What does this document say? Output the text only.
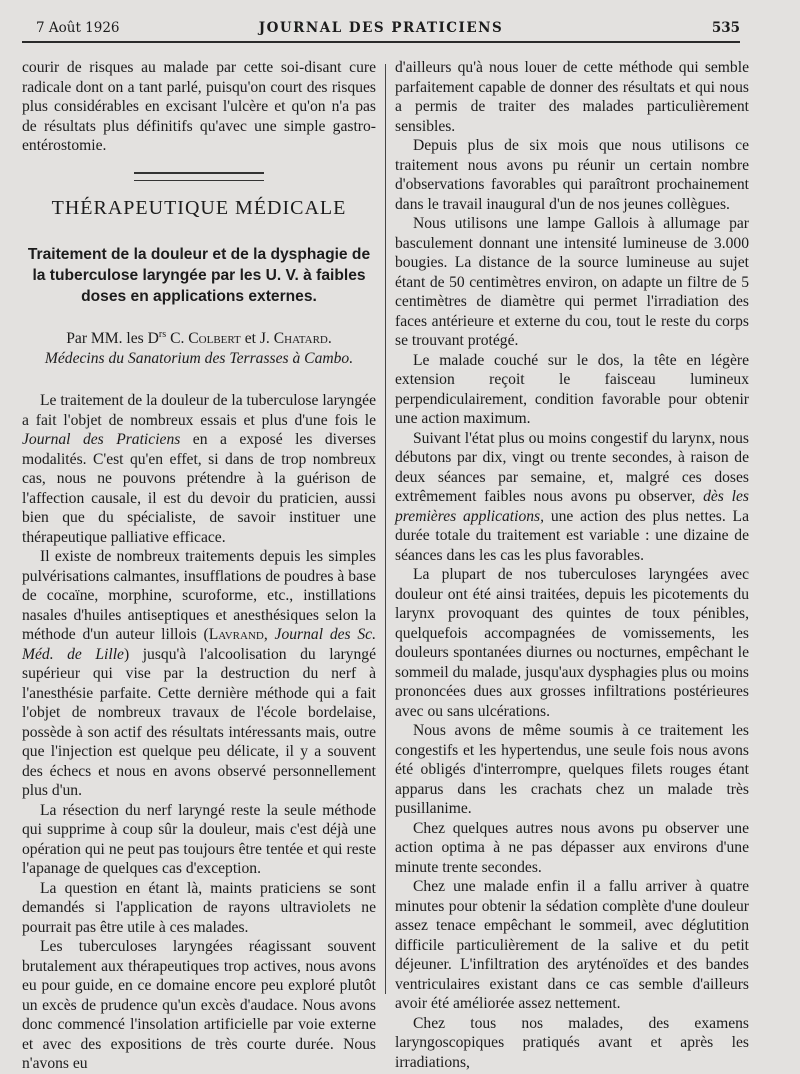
7 Août 1926	JOURNAL DES PRATICIENS	535

courir de risques au malade par cette soi-disant cure radicale dont on a tant parlé, puisqu'on court des risques plus considérables en excisant l'ulcère et qu'on n'a pas de résultats plus définitifs qu'avec une simple gastro-entérostomie.

THÉRAPEUTIQUE MÉDICALE
Traitement de la douleur et de la dysphagie de la tuberculose laryngée par les U. V. à faibles doses en applications externes.
Par MM. les $D^{rs}$ C. Colbert et J. Chatard.
Médecins du Sanatorium des Terrasses à Cambo.

Le traitement de la douleur de la tuberculose laryngée a fait l'objet de nombreux essais et plus d'une fois le Journal des Praticiens en a exposé les diverses modalités. C'est qu'en effet, si dans de trop nombreux cas, nous ne pouvons prétendre à la guérison de l'affection causale, il est du devoir du praticien, aussi bien que du spécialiste, de savoir instituer une thérapeutique palliative efficace.

Il existe de nombreux traitements depuis les simples pulvérisations calmantes, insufflations de poudres à base de cocaïne, morphine, scuroforme, etc., instillations nasales d'huiles antiseptiques et anesthésiques selon la méthode d'un auteur lillois (Lavrand, Journal des Sc. Méd. de Lille) jusqu'à l'alcoolisation du laryngé supérieur qui vise par la destruction du nerf à l'anesthésie parfaite. Cette dernière méthode qui a fait l'objet de nombreux travaux de l'école bordelaise, possède à son actif des résultats intéressants mais, outre que l'injection est quelque peu délicate, il y a souvent des échecs et nous en avons observé personnellement plus d'un.

La résection du nerf laryngé reste la seule méthode qui supprime à coup sûr la douleur, mais c'est déjà une opération qui ne peut pas toujours être tentée et qui reste l'apanage de quelques cas d'exception.

La question en étant là, maints praticiens se sont demandés si l'application de rayons ultraviolets ne pourrait pas être utile à ces malades.

Les tuberculoses laryngées réagissant souvent brutalement aux thérapeutiques trop actives, nous avons eu pour guide, en ce domaine encore peu exploré plutôt un excès de prudence qu'un excès d'audace. Nous avons donc commencé l'insolation artificielle par voie externe et avec des expositions de très courte durée. Nous n'avons eu

d'ailleurs qu'à nous louer de cette méthode qui semble parfaitement capable de donner des résultats et qui nous a permis de traiter des malades particulièrement sensibles.

Depuis plus de six mois que nous utilisons ce traitement nous avons pu réunir un certain nombre d'observations favorables qui paraîtront prochainement dans le travail inaugural d'un de nos jeunes collègues.

Nous utilisons une lampe Gallois à allumage par basculement donnant une intensité lumineuse de 3.000 bougies. La distance de la source lumineuse au sujet étant de 50 centimètres environ, on adapte un filtre de 5 centimètres de diamètre qui permet l'irradiation des faces antérieure et externe du cou, tout le reste du corps se trouvant protégé.

Le malade couché sur le dos, la tête en légère extension reçoit le faisceau lumineux perpendiculairement, condition favorable pour obtenir une action maximum.

Suivant l'état plus ou moins congestif du larynx, nous débutons par dix, vingt ou trente secondes, à raison de deux séances par semaine, et, malgré ces doses extrêmement faibles nous avons pu observer, dès les premières applications, une action des plus nettes. La durée totale du traitement est variable : une dizaine de séances dans les cas les plus favorables.

La plupart de nos tuberculoses laryngées avec douleur ont été ainsi traitées, depuis les picotements du larynx provoquant des quintes de toux pénibles, quelquefois accompagnées de vomissements, les douleurs spontanées diurnes ou nocturnes, empêchant le sommeil du malade, jusqu'aux dysphagies plus ou moins prononcées dues aux grosses infiltrations postérieures avec ou sans ulcérations.

Nous avons de même soumis à ce traitement les congestifs et les hypertendus, une seule fois nous avons été obligés d'interrompre, quelques filets rouges étant apparus dans les crachats chez un malade très pusillanime.

Chez quelques autres nous avons pu observer une action optima à ne pas dépasser aux environs d'une minute trente secondes.

Chez une malade enfin il a fallu arriver à quatre minutes pour obtenir la sédation complète d'une douleur assez tenace empêchant le sommeil, avec déglutition difficile particulièrement de la salive et du petit déjeuner. L'infiltration des aryténoïdes et des bandes ventriculaires existant dans ce cas semble d'ailleurs avoir été améliorée assez nettement.

Chez tous nos malades, des examens laryngoscopiques pratiqués avant et après les irradiations,
